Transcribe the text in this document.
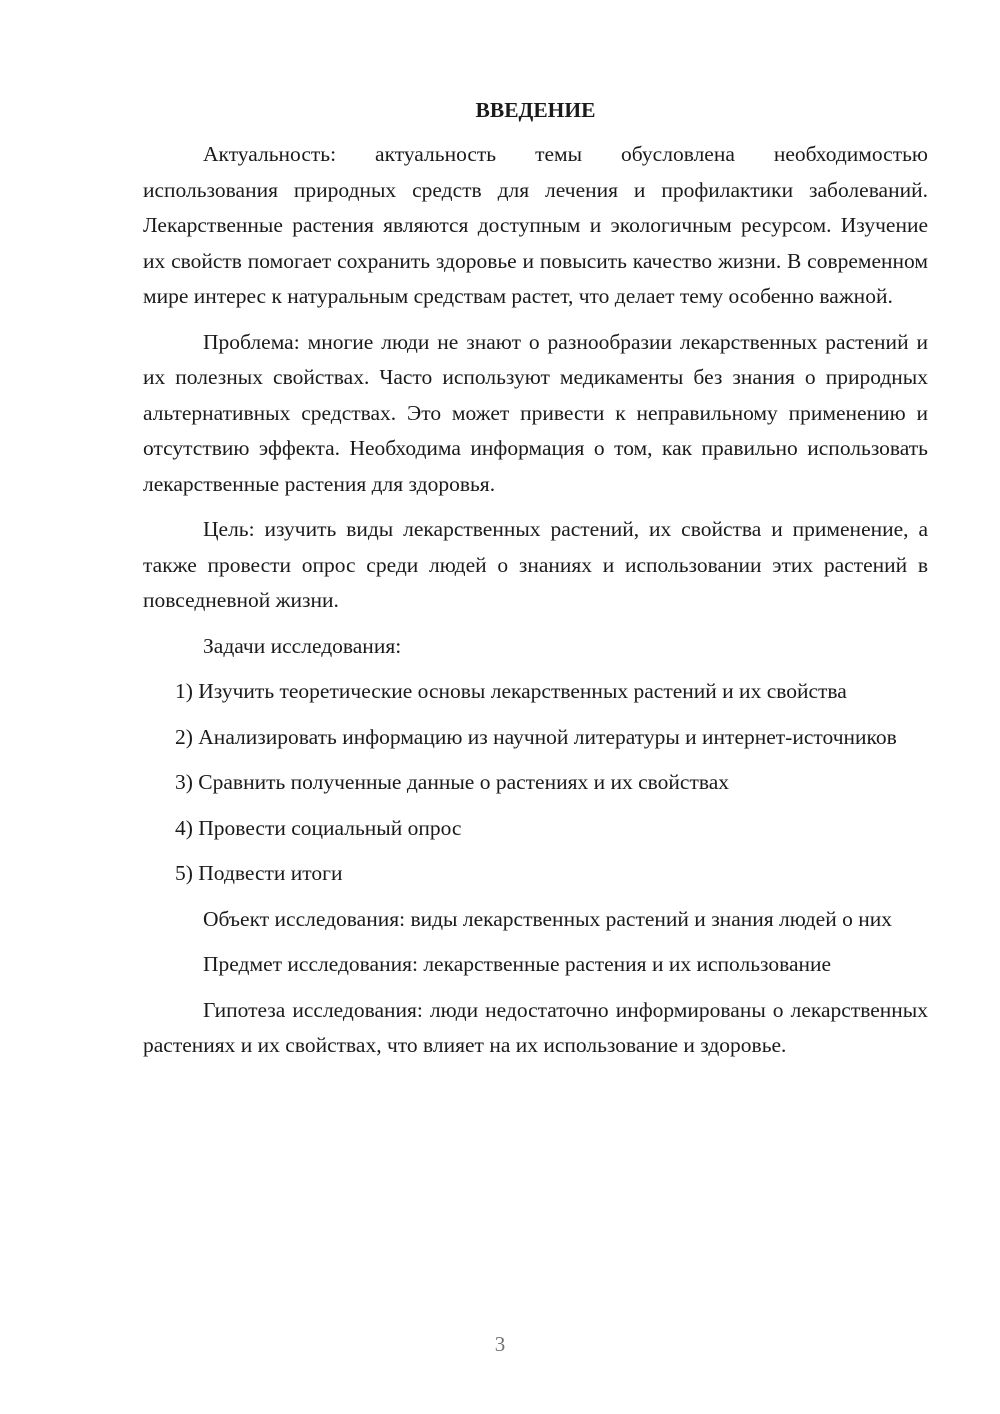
ВВЕДЕНИЕ

Актуальность: актуальность темы обусловлена необходимостью использования природных средств для лечения и профилактики заболеваний. Лекарственные растения являются доступным и экологичным ресурсом. Изучение их свойств помогает сохранить здоровье и повысить качество жизни. В современном мире интерес к натуральным средствам растет, что делает тему особенно важной.

Проблема: многие люди не знают о разнообразии лекарственных растений и их полезных свойствах. Часто используют медикаменты без знания о природных альтернативных средствах. Это может привести к неправильному применению и отсутствию эффекта. Необходима информация о том, как правильно использовать лекарственные растения для здоровья.

Цель: изучить виды лекарственных растений, их свойства и применение, а также провести опрос среди людей о знаниях и использовании этих растений в повседневной жизни.

Задачи исследования:

1) Изучить теоретические основы лекарственных растений и их свойства

2) Анализировать информацию из научной литературы и интернет-источников

3) Сравнить полученные данные о растениях и их свойствах

4) Провести социальный опрос

5) Подвести итоги

Объект исследования: виды лекарственных растений и знания людей о них

Предмет исследования: лекарственные растения и их использование

Гипотеза исследования: люди недостаточно информированы о лекарственных растениях и их свойствах, что влияет на их использование и здоровье.

3
